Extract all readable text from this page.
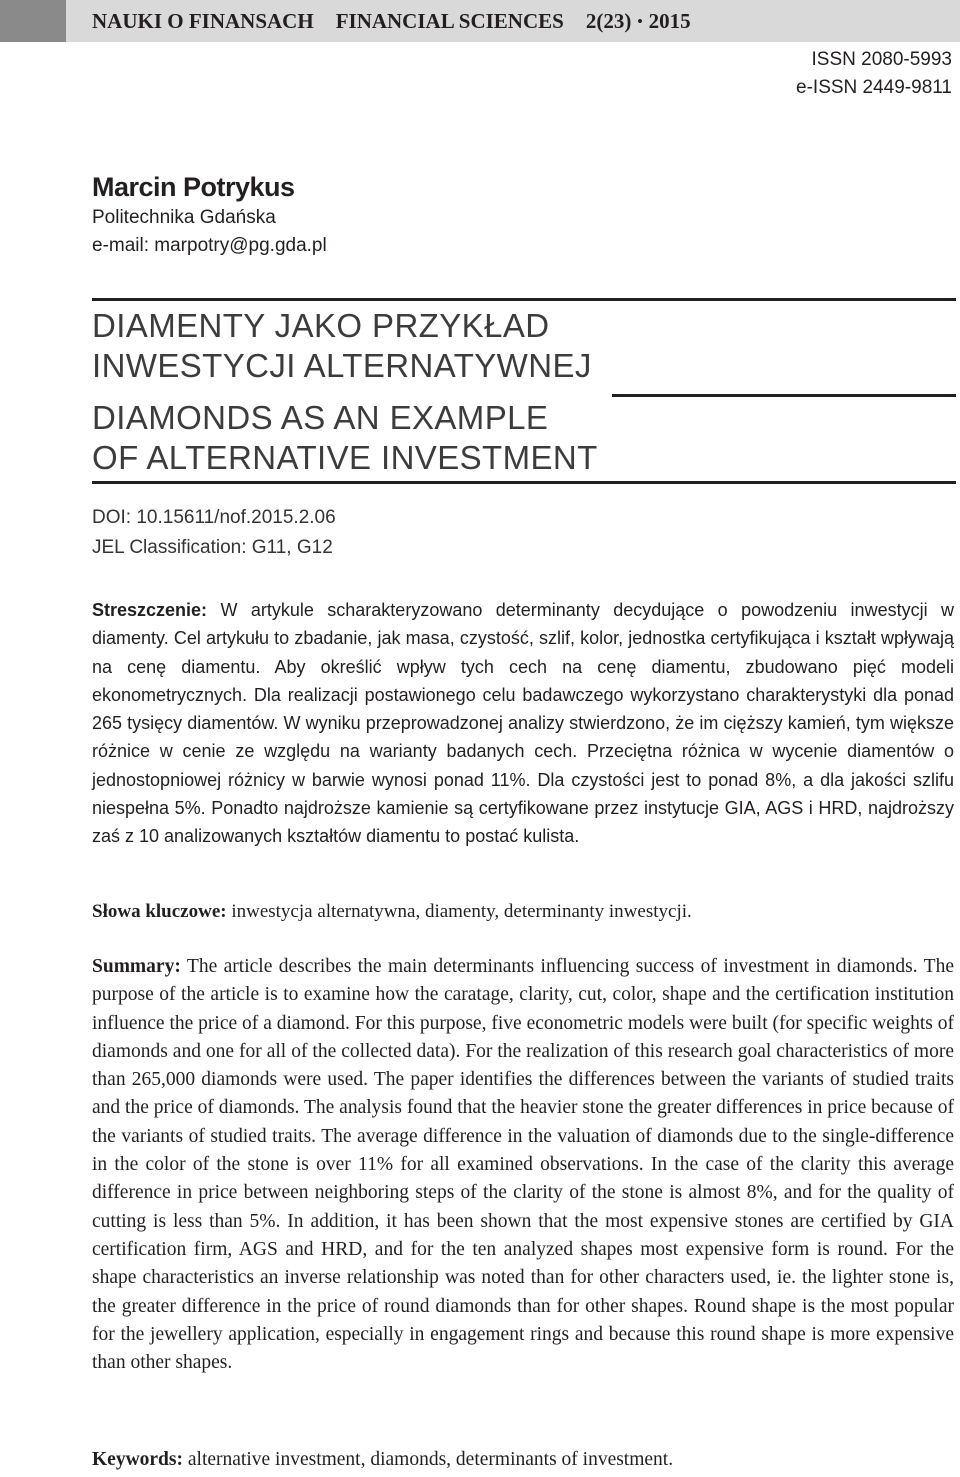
NAUKI O FINANSACH FINANCIAL SCIENCES 2(23) • 2015
ISSN 2080-5993
e-ISSN 2449-9811
Marcin Potrykus
Politechnika Gdańska
e-mail: marpotry@pg.gda.pl
DIAMENTY JAKO PRZYKŁAD
INWESTYCJI ALTERNATYWNEJ
DIAMONDS AS AN EXAMPLE
OF ALTERNATIVE INVESTMENT
DOI: 10.15611/nof.2015.2.06
JEL Classification: G11, G12
Streszczenie: W artykule scharakteryzowano determinanty decydujące o powodzeniu inwestycji w diamenty. Cel artykułu to zbadanie, jak masa, czystość, szlif, kolor, jednostka certyfikująca i kształt wpływają na cenę diamentu. Aby określić wpływ tych cech na cenę diamentu, zbudowano pięć modeli ekonometrycznych. Dla realizacji postawionego celu badawczego wykorzystano charakterystyki dla ponad 265 tysięcy diamentów. W wyniku przeprowadzonej analizy stwierdzono, że im cięższy kamień, tym większe różnice w cenie ze względu na warianty badanych cech. Przeciętna różnica w wycenie diamentów o jednostopniowej różnicy w barwie wynosi ponad 11%. Dla czystości jest to ponad 8%, a dla jakości szlifu niespełna 5%. Ponadto najdroższe kamienie są certyfikowane przez instytucje GIA, AGS i HRD, najdroższy zaś z 10 analizowanych kształtów diamentu to postać kulista.
Słowa kluczowe: inwestycja alternatywna, diamenty, determinanty inwestycji.
Summary: The article describes the main determinants influencing success of investment in diamonds. The purpose of the article is to examine how the caratage, clarity, cut, color, shape and the certification institution influence the price of a diamond. For this purpose, five econometric models were built (for specific weights of diamonds and one for all of the collected data). For the realization of this research goal characteristics of more than 265,000 diamonds were used. The paper identifies the differences between the variants of studied traits and the price of diamonds. The analysis found that the heavier stone the greater differences in price because of the variants of studied traits. The average difference in the valuation of diamonds due to the single-difference in the color of the stone is over 11% for all examined observations. In the case of the clarity this average difference in price between neighboring steps of the clarity of the stone is almost 8%, and for the quality of cutting is less than 5%. In addition, it has been shown that the most expensive stones are certified by GIA certification firm, AGS and HRD, and for the ten analyzed shapes most expensive form is round. For the shape characteristics an inverse relationship was noted than for other characters used, ie. the lighter stone is, the greater difference in the price of round diamonds than for other shapes. Round shape is the most popular for the jewellery application, especially in engagement rings and because this round shape is more expensive than other shapes.
Keywords: alternative investment, diamonds, determinants of investment.
